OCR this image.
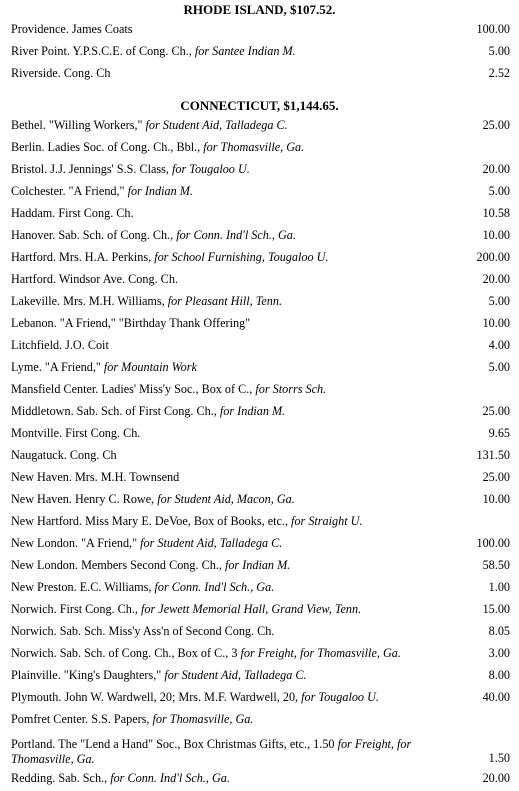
RHODE ISLAND, $107.52.
Providence. James Coats	100.00
River Point. Y.P.S.C.E. of Cong. Ch., for Santee Indian M.	5.00
Riverside. Cong. Ch	2.52
CONNECTICUT, $1,144.65.
Bethel. "Willing Workers," for Student Aid, Talladega C.	25.00
Berlin. Ladies Soc. of Cong. Ch., Bbl., for Thomasville, Ga.
Bristol. J.J. Jennings' S.S. Class, for Tougaloo U.	20.00
Colchester. "A Friend," for Indian M.	5.00
Haddam. First Cong. Ch.	10.58
Hanover. Sab. Sch. of Cong. Ch., for Conn. Ind'l Sch., Ga.	10.00
Hartford. Mrs. H.A. Perkins, for School Furnishing, Tougaloo U.	200.00
Hartford. Windsor Ave. Cong. Ch.	20.00
Lakeville. Mrs. M.H. Williams, for Pleasant Hill, Tenn.	5.00
Lebanon. "A Friend," "Birthday Thank Offering"	10.00
Litchfield. J.O. Coit	4.00
Lyme. "A Friend," for Mountain Work	5.00
Mansfield Center. Ladies' Miss'y Soc., Box of C., for Storrs Sch.
Middletown. Sab. Sch. of First Cong. Ch., for Indian M.	25.00
Montville. First Cong. Ch.	9.65
Naugatuck. Cong. Ch	131.50
New Haven. Mrs. M.H. Townsend	25.00
New Haven. Henry C. Rowe, for Student Aid, Macon, Ga.	10.00
New Hartford. Miss Mary E. DeVoe, Box of Books, etc., for Straight U.
New London. "A Friend," for Student Aid, Talladega C.	100.00
New London. Members Second Cong. Ch., for Indian M.	58.50
New Preston. E.C. Williams, for Conn. Ind'l Sch., Ga.	1.00
Norwich. First Cong. Ch., for Jewett Memorial Hall, Grand View, Tenn.	15.00
Norwich. Sab. Sch. Miss'y Ass'n of Second Cong. Ch.	8.05
Norwich. Sab. Sch. of Cong. Ch., Box of C., 3 for Freight, for Thomasville, Ga.	3.00
Plainville. "King's Daughters," for Student Aid, Talladega C.	8.00
Plymouth. John W. Wardwell, 20; Mrs. M.F. Wardwell, 20, for Tougaloo U.	40.00
Pomfret Center. S.S. Papers, for Thomasville, Ga.
Portland. The "Lend a Hand" Soc., Box Christmas Gifts, etc., 1.50 for Freight, for Thomasville, Ga.	1.50
Redding. Sab. Sch., for Conn. Ind'l Sch., Ga.	20.00
